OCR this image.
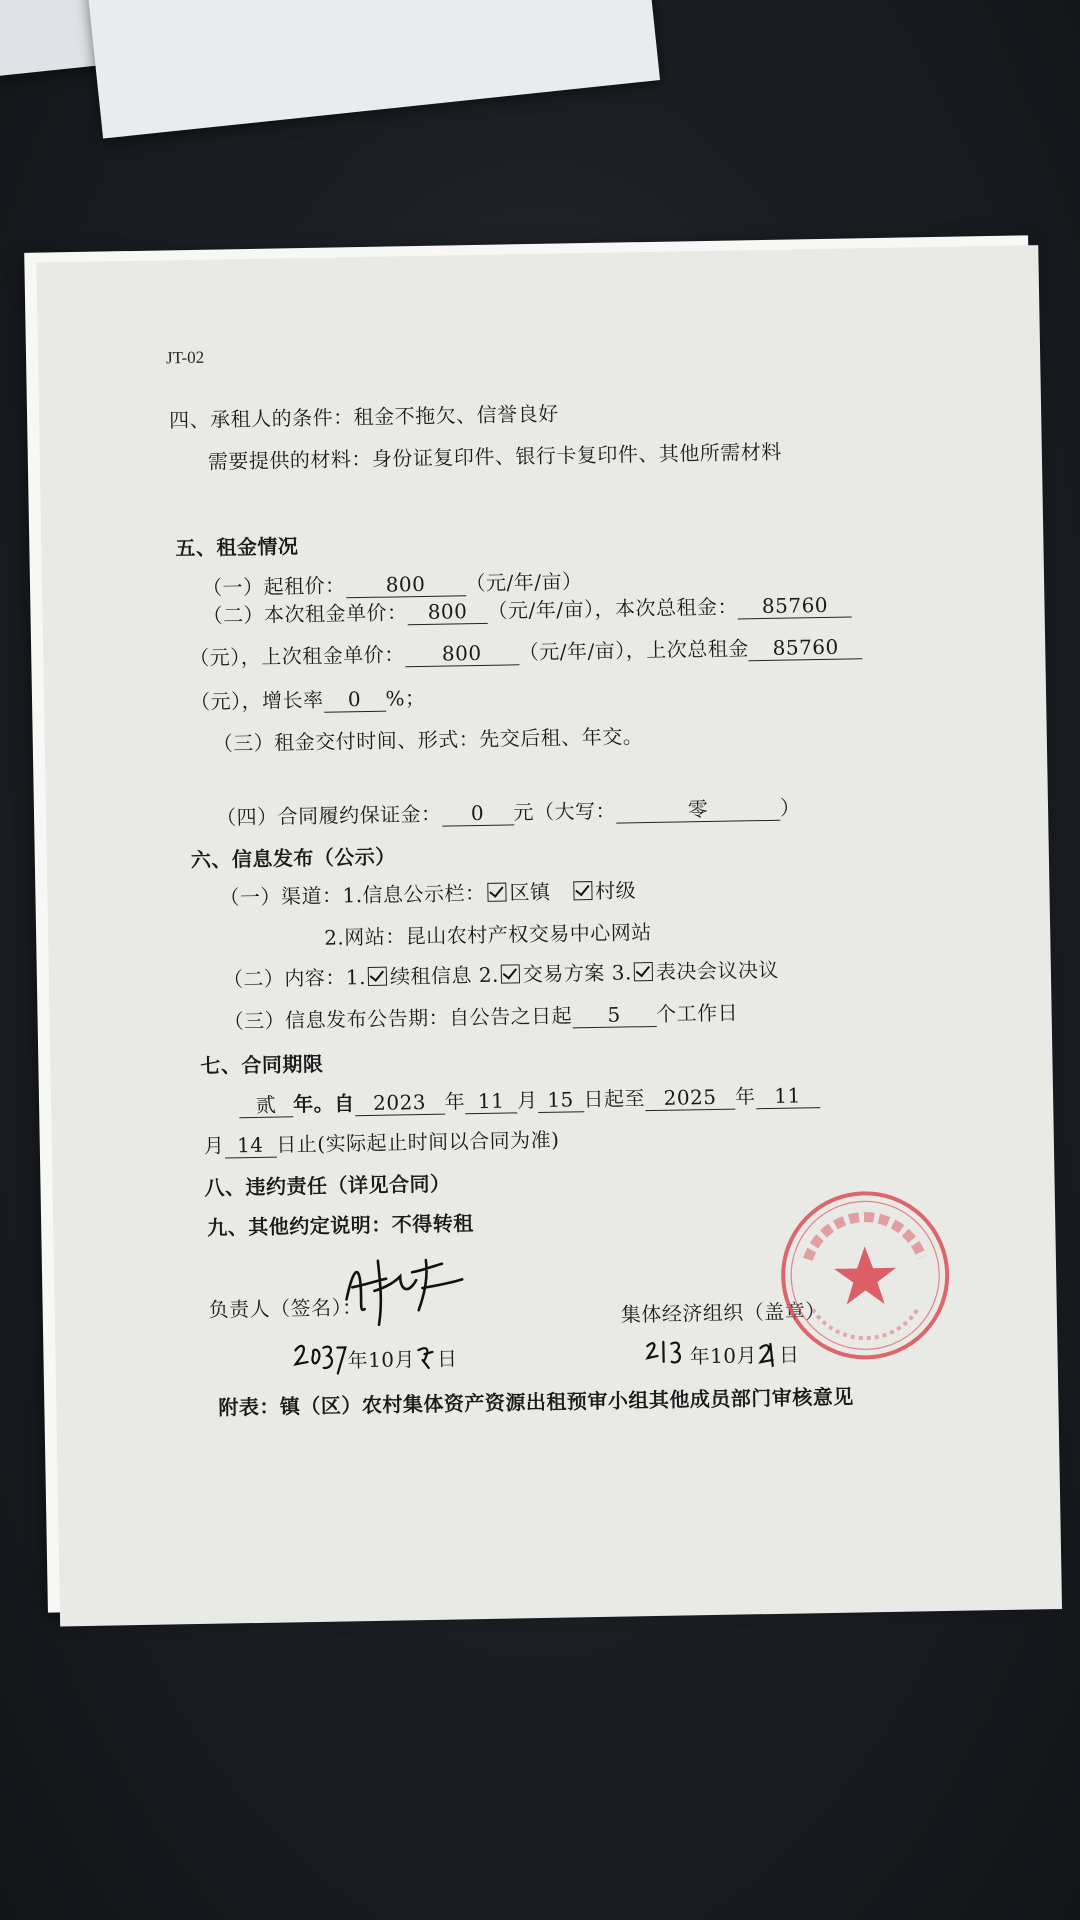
JT-02
四、承租人的条件：租金不拖欠、信誉良好
需要提供的材料：身份证复印件、银行卡复印件、其他所需材料
五、租金情况
（一）起租价： 800 （元/年/亩）
（二）本次租金单价： 800 （元/年/亩），本次总租金： 85760
（元），上次租金单价： 800 （元/年/亩），上次总租金 85760
（元），增长率 0 %；
（三）租金交付时间、形式：先交后租、年交。
（四）合同履约保证金： 0 元（大写：	零	）
六、信息发布（公示）
（一）渠道：1.信息公示栏： 区镇 村级
2.网站：昆山农村产权交易中心网站
（二）内容：1. 续租信息 2. 交易方案 3. 表决会议决议
（三）信息发布公告期：自公告之日起 5 个工作日
七、合同期限
贰 年。自 2023 年 11 月 15 日起至 2025 年 11
月 14 日止(实际起止时间以合同为准)
八、违约责任（详见合同）
九、其他约定说明：不得转租
负责人（签名）：
年10月 日
集体经济组织（盖章）
年10月 日
附表：镇（区）农村集体资产资源出租预审小组其他成员部门审核意见
